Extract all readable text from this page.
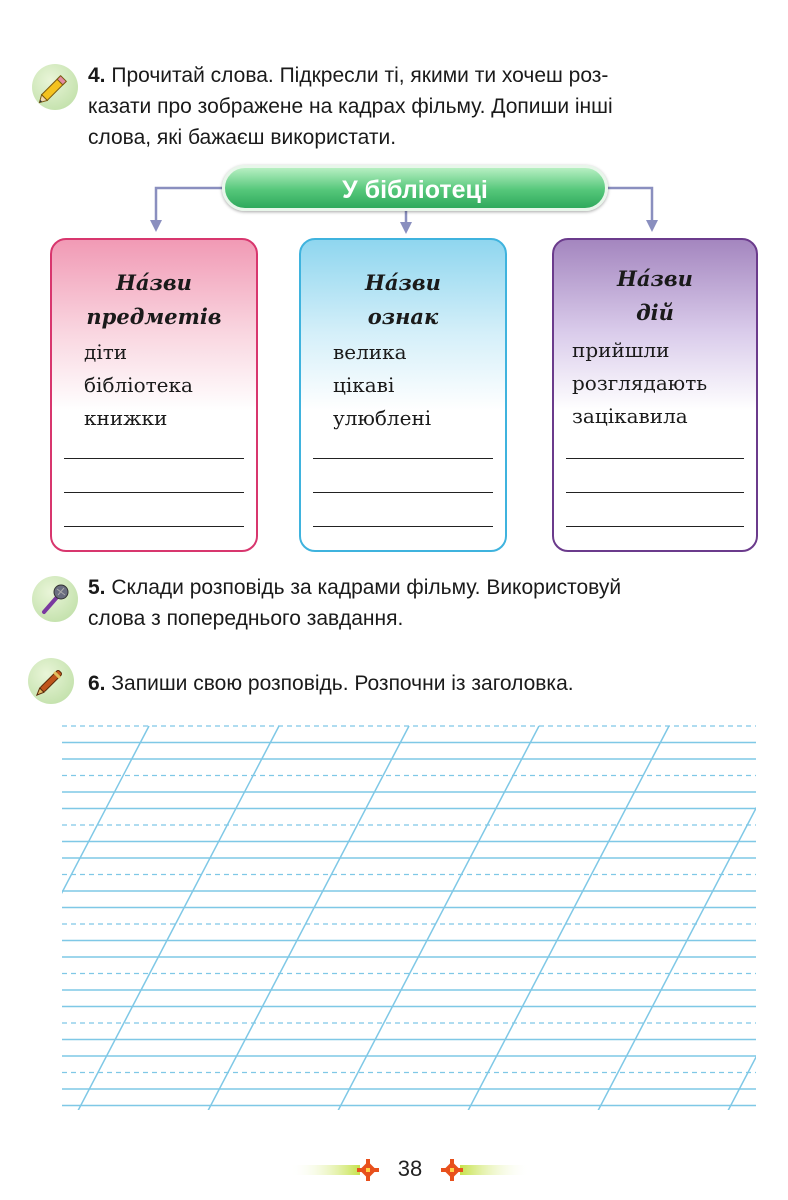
4. Прочитай слова. Підкресли ті, якими ти хочеш роз-
казати про зображене на кадрах фільму. Допиши інші
слова, які бажаєш використати.
У бібліотеці
На́зви
предметів
діти
бібліотека
книжки
На́зви
ознак
велика
цікаві
улюблені
На́зви
дій
прийшли
розглядають
зацікавила
5. Склади розповідь за кадрами фільму. Використовуй
слова з попереднього завдання.
6. Запиши свою розповідь. Розпочни із заголовка.
38
